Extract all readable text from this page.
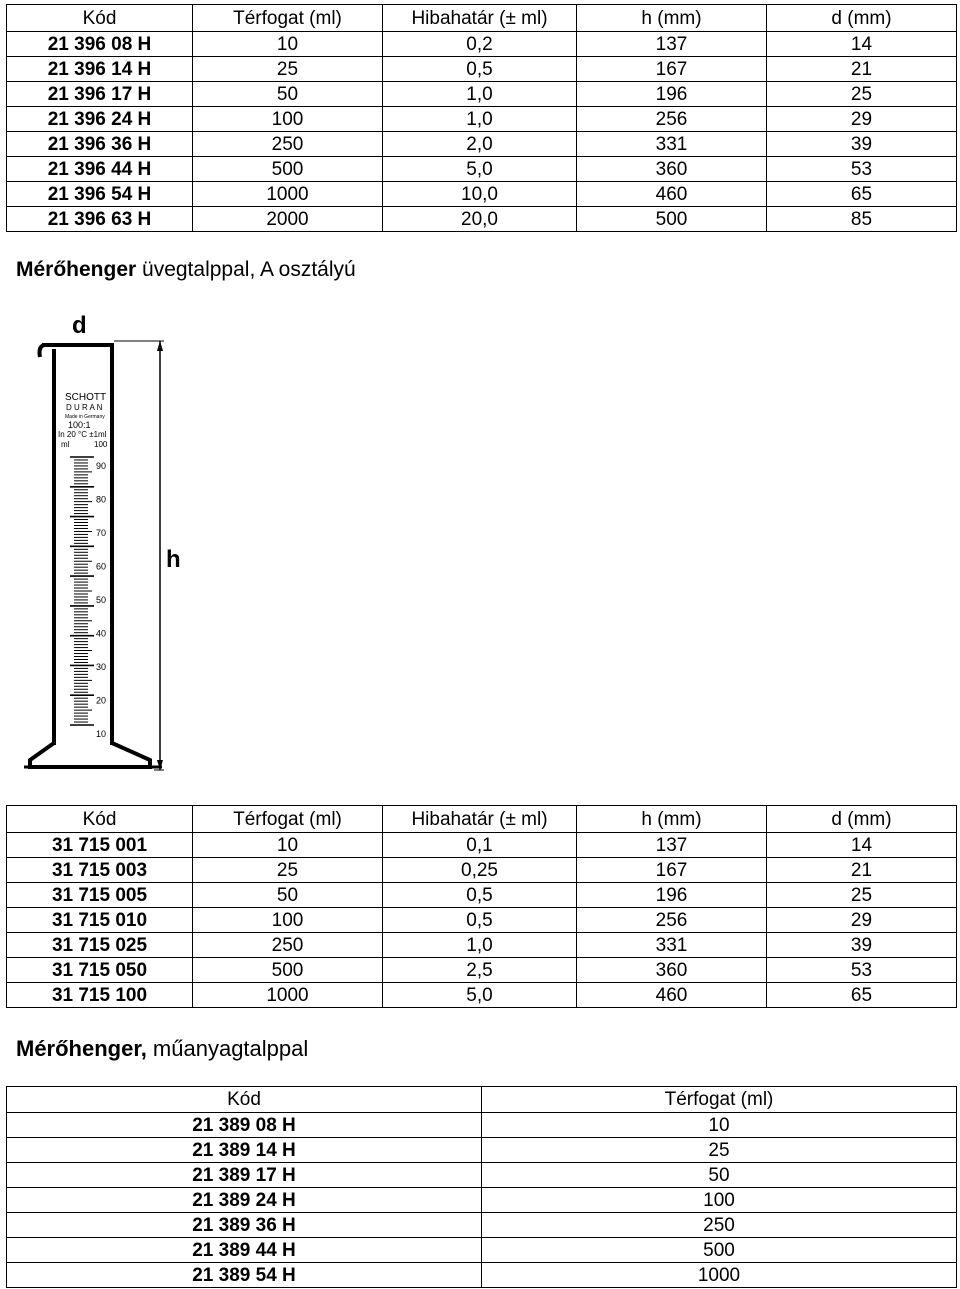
Kód	Térfogat (ml)	Hibahatár (± ml)	h (mm)	d (mm)
21 396 08 H	10	0,2	137	14
21 396 14 H	25	0,5	167	21
21 396 17 H	50	1,0	196	25
21 396 24 H	100	1,0	256	29
21 396 36 H	250	2,0	331	39
21 396 44 H	500	5,0	360	53
21 396 54 H	1000	10,0	460	65
21 396 63 H	2000	20,0	500	85
Mérőhenger üvegtalppal, A osztályú
d
h
SCHOTT
D U R A N
Made in Germany
100:1
In 20 °C ±1ml
ml	100
90
80
70
60
50
40
30
20
10
Kód	Térfogat (ml)	Hibahatár (± ml)	h (mm)	d (mm)
31 715 001	10	0,1	137	14
31 715 003	25	0,25	167	21
31 715 005	50	0,5	196	25
31 715 010	100	0,5	256	29
31 715 025	250	1,0	331	39
31 715 050	500	2,5	360	53
31 715 100	1000	5,0	460	65
Mérőhenger, műanyagtalppal
Kód	Térfogat (ml)
21 389 08 H	10
21 389 14 H	25
21 389 17 H	50
21 389 24 H	100
21 389 36 H	250
21 389 44 H	500
21 389 54 H	1000
